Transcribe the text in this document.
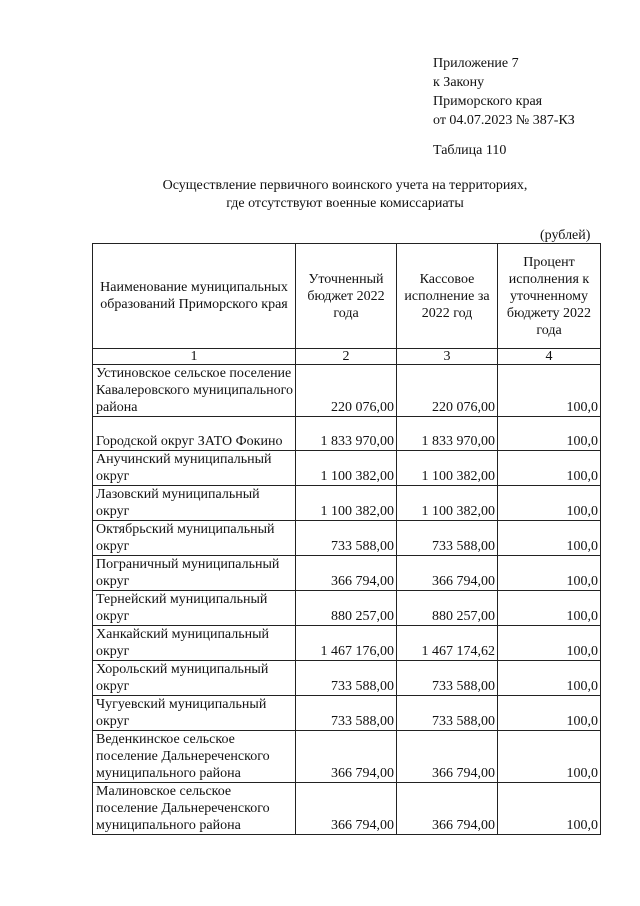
Приложение 7
к Закону
Приморского края
от 04.07.2023 № 387-КЗ
Таблица 110
Осуществление первичного воинского учета на территориях,
где отсутствуют военные комиссариаты
(рублей)
Наименование муниципальных образований Приморского края	Уточненный бюджет 2022 года	Кассовое исполнение за 2022 год	Процент исполнения к уточненному бюджету 2022 года
1	2	3	4
Устиновское сельское поселение Кавалеровского муниципального района	220 076,00	220 076,00	100,0
Городской округ ЗАТО Фокино	1 833 970,00	1 833 970,00	100,0
Анучинский муниципальный округ	1 100 382,00	1 100 382,00	100,0
Лазовский муниципальный округ	1 100 382,00	1 100 382,00	100,0
Октябрьский муниципальный округ	733 588,00	733 588,00	100,0
Пограничный муниципальный округ	366 794,00	366 794,00	100,0
Тернейский муниципальный округ	880 257,00	880 257,00	100,0
Ханкайский муниципальный округ	1 467 176,00	1 467 174,62	100,0
Хорольский муниципальный округ	733 588,00	733 588,00	100,0
Чугуевский муниципальный округ	733 588,00	733 588,00	100,0
Веденкинское сельское поселение Дальнереченского муниципального района	366 794,00	366 794,00	100,0
Малиновское сельское поселение Дальнереченского муниципального района	366 794,00	366 794,00	100,0
